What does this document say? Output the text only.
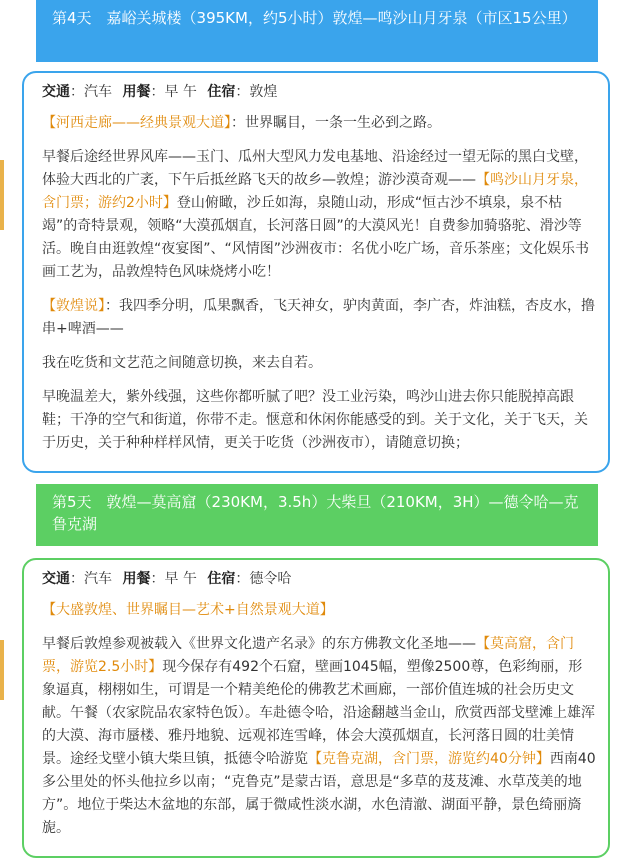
第4天　嘉峪关城楼（395KM，约5小时）敦煌—鸣沙山月牙泉（市区15公里）
交通：汽车 用餐：早 午 住宿：敦煌
【河西走廊——经典景观大道】：世界瞩目，一条一生必到之路。
早餐后途经世界风库——玉门、瓜州大型风力发电基地、沿途经过一望无际的黑白戈壁，体验大西北的广袤，下午后抵丝路飞天的故乡—敦煌；游沙漠奇观——【鸣沙山月牙泉，含门票；游约2小时】登山俯瞰，沙丘如海，泉随山动，形成“恒古沙不填泉，泉不枯竭”的奇特景观，领略“大漠孤烟直，长河落日圆”的大漠风光！自费参加骑骆驼、滑沙等活。晚自由逛敦煌“夜宴图”、“风情图”沙洲夜市：名优小吃广场，音乐茶座；文化娱乐书画工艺为，品敦煌特色风味烧烤小吃！
【敦煌说】：我四季分明，瓜果飘香，飞天神女，驴肉黄面，李广杏，炸油糕，杏皮水，撸串+啤酒——
我在吃货和文艺范之间随意切换，来去自若。
早晚温差大，紫外线强，这些你都听腻了吧？没工业污染，鸣沙山进去你只能脱掉高跟鞋；干净的空气和街道，你带不走。惬意和休闲你能感受的到。关于文化，关于飞天，关于历史，关于种种样样风情，更关于吃货（沙洲夜市），请随意切换；
第5天　敦煌—莫高窟（230KM，3.5h）大柴旦（210KM，3H）—德令哈—克鲁克湖
交通：汽车 用餐：早 午 住宿：德令哈
【大盛敦煌、世界瞩目—艺术+自然景观大道】
早餐后敦煌参观被载入《世界文化遗产名录》的东方佛教文化圣地——【莫高窟，含门票，游览2.5小时】现今保存有492个石窟，壁画1045幅，塑像2500尊，色彩绚丽，形象逼真，栩栩如生，可谓是一个精美绝伦的佛教艺术画廊，一部价值连城的社会历史文献。午餐（农家院品农家特色饭）。车赴德令哈，沿途翻越当金山，欣赏西部戈壁滩上雄浑的大漠、海市蜃楼、雅丹地貌、远观祁连雪峰，体会大漠孤烟直，长河落日圆的壮美情景。途经戈壁小镇大柴旦镇，抵德令哈游览【克鲁克湖，含门票，游览约40分钟】西南40多公里处的怀头他拉乡以南；“克鲁克”是蒙古语，意思是“多草的芨芨滩、水草茂美的地方”。地位于柴达木盆地的东部，属于微咸性淡水湖，水色清澈、湖面平静，景色绮丽旖旎。
